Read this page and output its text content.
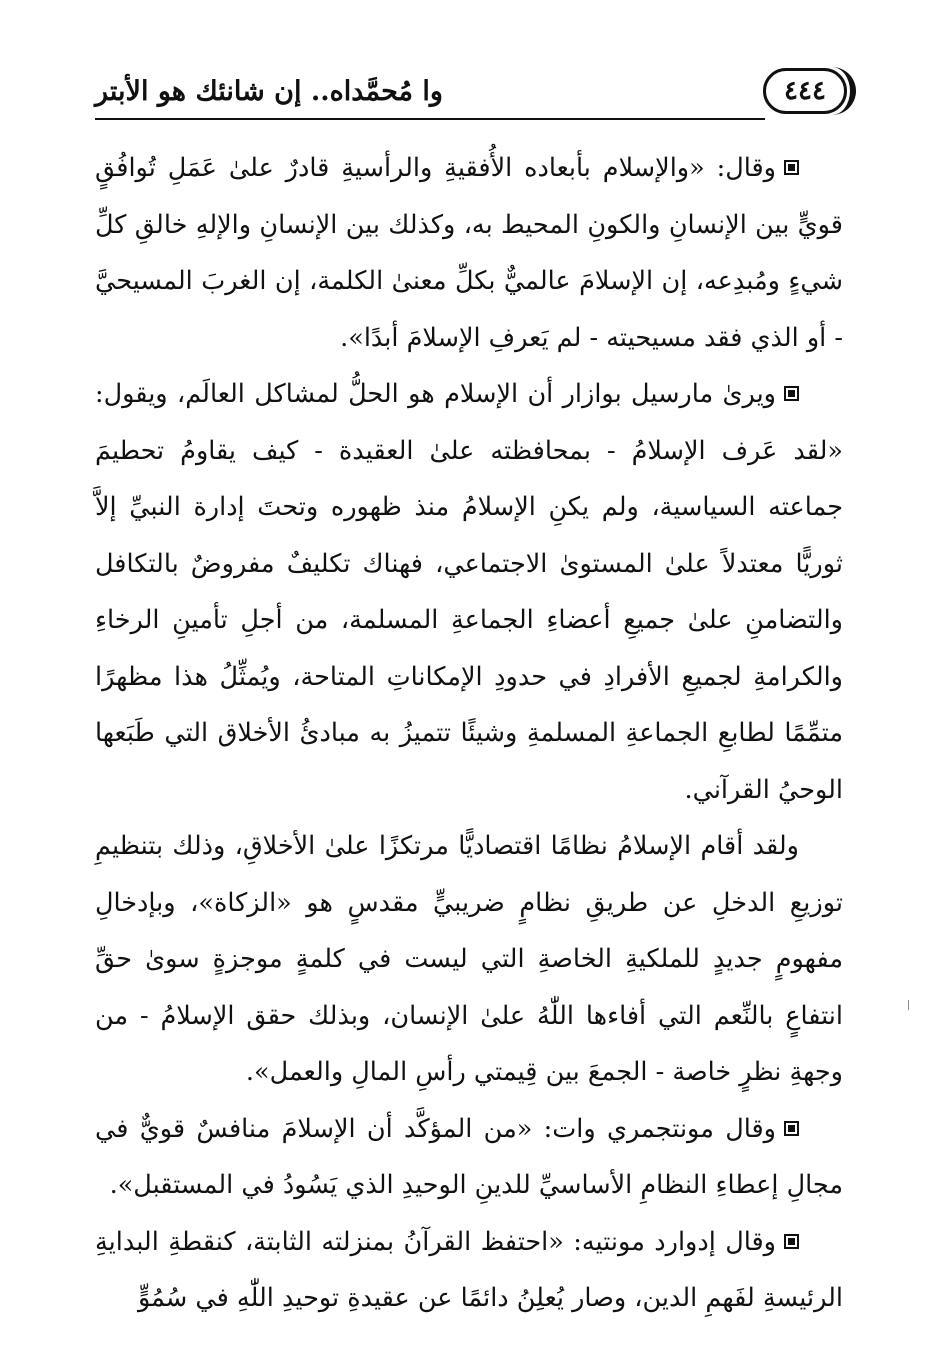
٤٤٤
وا مُحمَّداه.. إن شانئك هو الأبتر

وقال: «والإسلام بأبعاده الأُفقيةِ والرأسيةِ قادرٌ علىٰ عَمَلِ تُوافُقٍ قويٍّ بين الإنسانِ والكونِ المحيط به، وكذلك بين الإنسانِ والإلهِ خالقِ كلِّ شيءٍ ومُبدِعه، إن الإسلامَ عالميٌّ بكلِّ معنىٰ الكلمة، إن الغربَ المسيحيَّ - أو الذي فقد مسيحيته - لم يَعرفِ الإسلامَ أبدًا».

ويرىٰ مارسيل بوازار أن الإسلام هو الحلُّ لمشاكل العالَم، ويقول: «لقد عَرف الإسلامُ - بمحافظته علىٰ العقيدة - كيف يقاومُ تحطيمَ جماعته السياسية، ولم يكنِ الإسلامُ منذ ظهوره وتحتَ إدارة النبيِّ إلاَّ ثوريًّا معتدلاً علىٰ المستوىٰ الاجتماعي، فهناك تكليفٌ مفروضٌ بالتكافل والتضامنِ علىٰ جميعِ أعضاءِ الجماعةِ المسلمة، من أجلِ تأمينِ الرخاءِ والكرامةِ لجميعِ الأفرادِ في حدودِ الإمكاناتِ المتاحة، ويُمثِّلُ هذا مظهرًا متمِّمًا لطابعِ الجماعةِ المسلمةِ وشيئًا تتميزُ به مبادئُ الأخلاق التي طَبَعها الوحيُ القرآني.

ولقد أقام الإسلامُ نظامًا اقتصاديًّا مرتكزًا علىٰ الأخلاقِ، وذلك بتنظيمِ توزيعِ الدخلِ عن طريقِ نظامٍ ضريبيٍّ مقدسٍ هو «الزكاة»، وبإدخالِ مفهومٍ جديدٍ للملكيةِ الخاصةِ التي ليست في كلمةٍ موجزةٍ سوىٰ حقِّ انتفاعٍ بالنِّعم التي أفاءها اللّٰهُ علىٰ الإنسان، وبذلك حقق الإسلامُ - من وجهةِ نظرٍ خاصة - الجمعَ بين قِيمتي رأسِ المالِ والعمل».

وقال مونتجمري وات: «من المؤكَّد أن الإسلامَ منافسٌ قويٌّ في مجالِ إعطاءِ النظامِ الأساسيِّ للدينِ الوحيدِ الذي يَسُودُ في المستقبل».

وقال إدوارد مونتيه: «احتفظ القرآنُ بمنزلته الثابتة، كنقطةِ البدايةِ الرئيسةِ لفَهمِ الدين، وصار يُعلِنُ دائمًا عن عقيدةِ توحيدِ اللّٰهِ في سُمُوٍّ
